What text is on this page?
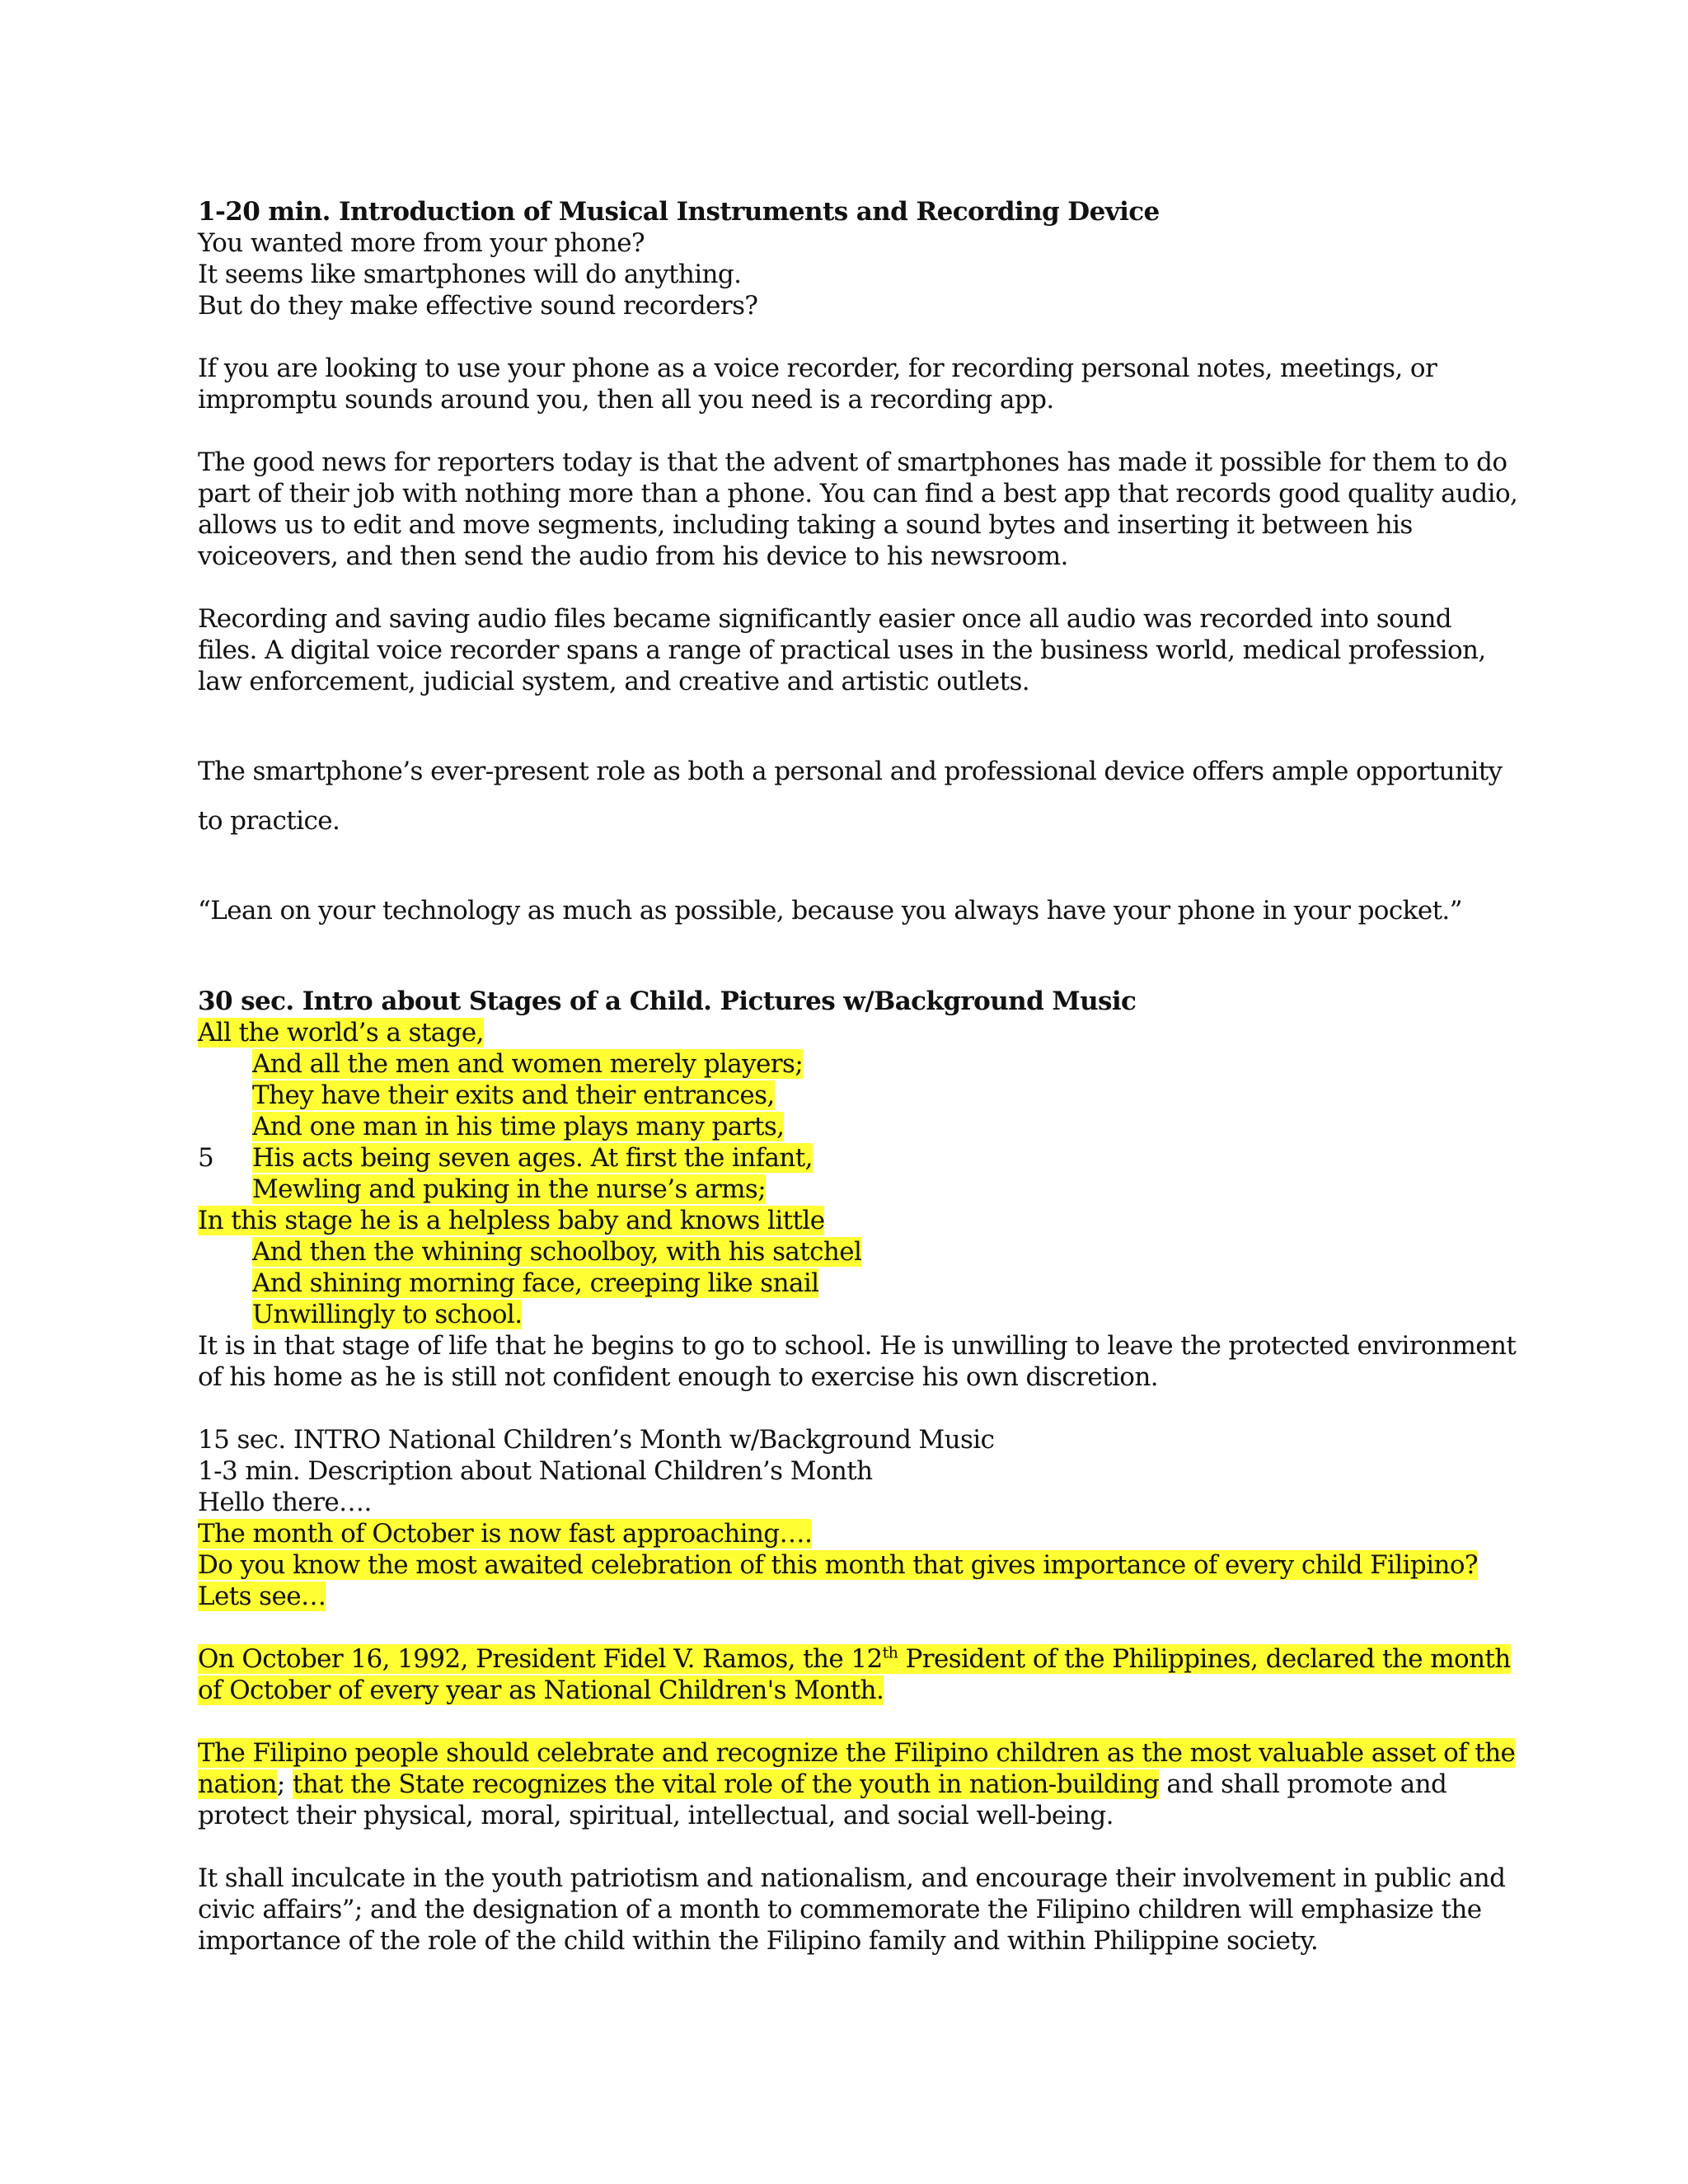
1-20 min. Introduction of Musical Instruments and Recording Device
You wanted more from your phone?
It seems like smartphones will do anything.
But do they make effective sound recorders?
If you are looking to use your phone as a voice recorder, for recording personal notes, meetings, or
impromptu sounds around you, then all you need is a recording app.
The good news for reporters today is that the advent of smartphones has made it possible for them to do
part of their job with nothing more than a phone. You can find a best app that records good quality audio,
allows us to edit and move segments, including taking a sound bytes and inserting it between his
voiceovers, and then send the audio from his device to his newsroom.
Recording and saving audio files became significantly easier once all audio was recorded into sound
files. A digital voice recorder spans a range of practical uses in the business world, medical profession,
law enforcement, judicial system, and creative and artistic outlets.
The smartphone’s ever-present role as both a personal and professional device offers ample opportunity
to practice.
“Lean on your technology as much as possible, because you always have your phone in your pocket.”
30 sec. Intro about Stages of a Child. Pictures w/Background Music
All the world’s a stage,
And all the men and women merely players;
They have their exits and their entrances,
And one man in his time plays many parts,
5	His acts being seven ages. At first the infant,
Mewling and puking in the nurse’s arms;
In this stage he is a helpless baby and knows little
And then the whining schoolboy, with his satchel
And shining morning face, creeping like snail
Unwillingly to school.
It is in that stage of life that he begins to go to school. He is unwilling to leave the protected environment
of his home as he is still not confident enough to exercise his own discretion.
15 sec. INTRO National Children’s Month w/Background Music
1-3 min. Description about National Children’s Month
Hello there….
The month of October is now fast approaching….
Do you know the most awaited celebration of this month that gives importance of every child Filipino?
Lets see…
On October 16, 1992, President Fidel V. Ramos, the 12th President of the Philippines, declared the month
of October of every year as National Children's Month.
The Filipino people should celebrate and recognize the Filipino children as the most valuable asset of the
nation; that the State recognizes the vital role of the youth in nation-building and shall promote and
protect their physical, moral, spiritual, intellectual, and social well-being.
It shall inculcate in the youth patriotism and nationalism, and encourage their involvement in public and
civic affairs”; and the designation of a month to commemorate the Filipino children will emphasize the
importance of the role of the child within the Filipino family and within Philippine society.
